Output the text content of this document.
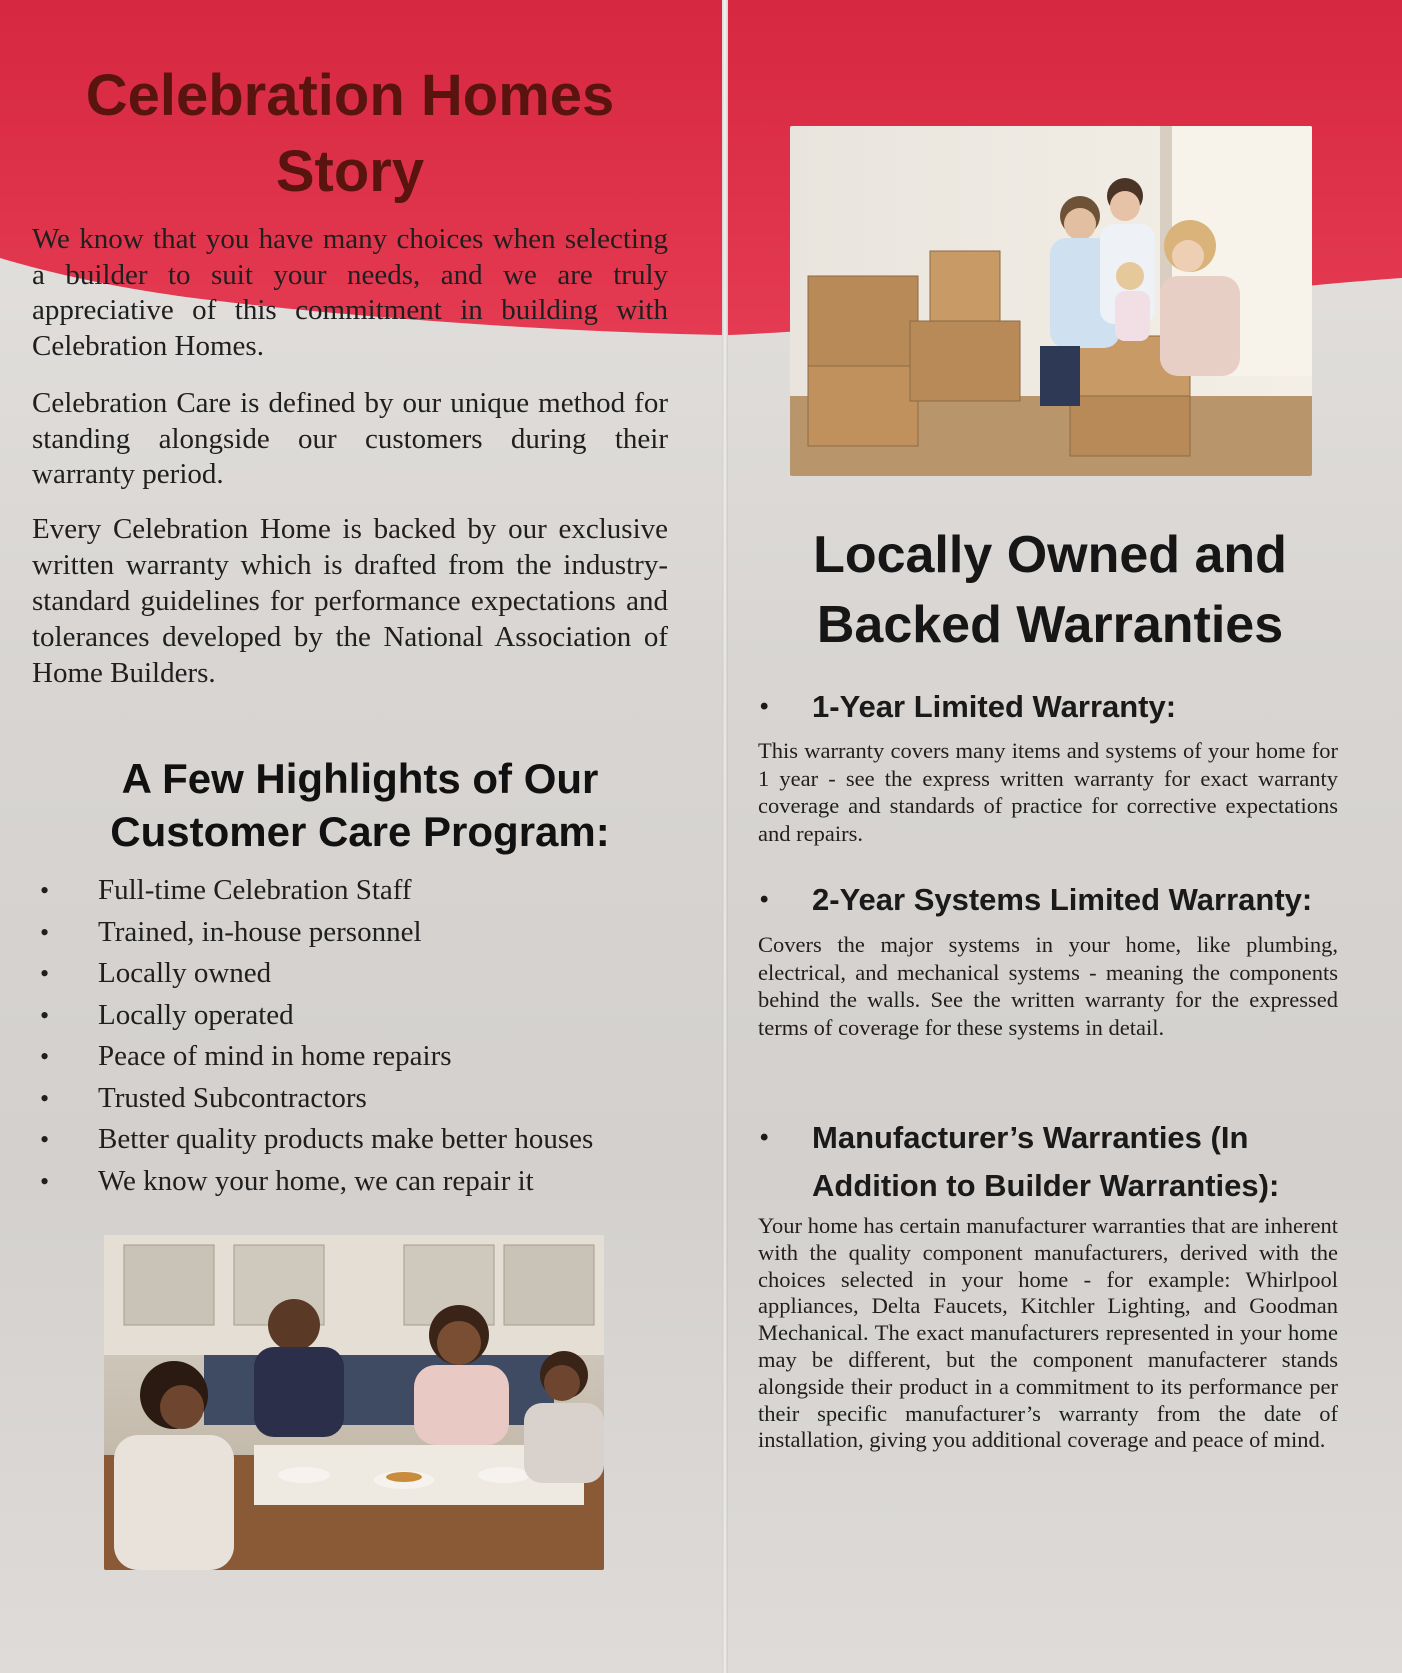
Celebration Homes
Story

We know that you have many choices when selecting a builder to suit your needs, and we are truly appreciative of this commitment in building with Celebration Homes.

Celebration Care is defined by our unique method for standing alongside our customers during their warranty period.

Every Celebration Home is backed by our exclusive written warranty which is drafted from the industry-standard guidelines for performance expectations and tolerances developed by the National Association of Home Builders.

A Few Highlights of Our
Customer Care Program:
• Full-time Celebration Staff
• Trained, in-house personnel
• Locally owned
• Locally operated
• Peace of mind in home repairs
• Trusted Subcontractors
• Better quality products make better houses
• We know your home, we can repair it
Locally Owned and
Backed Warranties
•	1-Year Limited Warranty:

This warranty covers many items and systems of your home for 1 year - see the express written warranty for exact warranty coverage and standards of practice for corrective expectations and repairs.

•	2-Year Systems Limited Warranty:

Covers the major systems in your home, like plumbing, electrical, and mechanical systems - meaning the components behind the walls. See the written warranty for the expressed terms of coverage for these systems in detail.

•	Manufacturer’s Warranties (In Addition to Builder Warranties):

Your home has certain manufacturer warranties that are inherent with the quality component manufacturers, derived with the choices selected in your home - for example: Whirlpool appliances, Delta Faucets, Kitchler Lighting, and Goodman Mechanical. The exact manufacturers represented in your home may be different, but the component manufacterer stands alongside their product in a commitment to its performance per their specific manufacturer’s warranty from the date of installation, giving you additional coverage and peace of mind.
